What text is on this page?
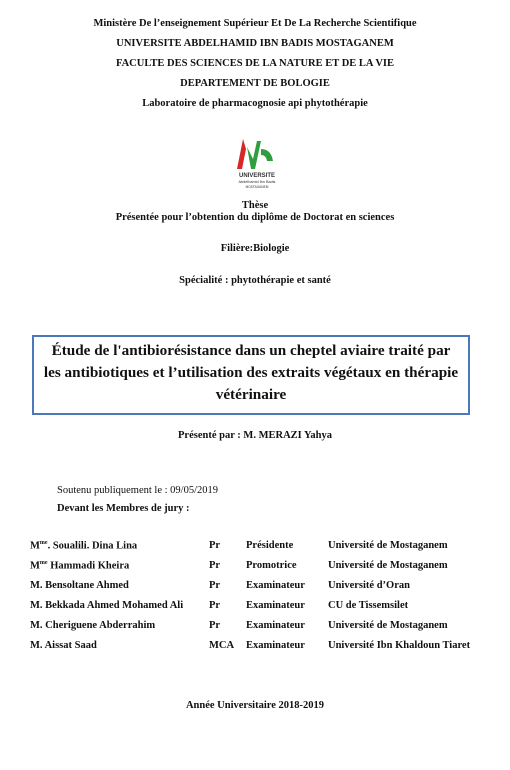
Ministère De l’enseignement Supérieur Et De La Recherche Scientifique
UNIVERSITE ABDELHAMID IBN BADIS MOSTAGANEM
FACULTE DES SCIENCES DE LA NATURE ET DE LA VIE
DEPARTEMENT DE BOLOGIE
Laboratoire de pharmacognosie api phytothérapie
UNIVERSITE
Abdelhamid Ibn Badis
MOSTAGANEM
Thèse
Présentée pour l’obtention du diplôme de Doctorat en sciences
Filière:Biologie
Spécialité : phytothérapie et santé
Étude de l'antibiorésistance dans un cheptel aviaire traité par
les antibiotiques et l’utilisation des extraits végétaux en thérapie
vétérinaire
Présenté par : M. MERAZI Yahya
Soutenu publiquement le : 09/05/2019
Devant les Membres de jury :
$M^{me}$. Soualili. Dina Lina	Pr Présidente	Université de Mostaganem
$M^{me}$ Hammadi Kheira	Pr Promotrice	Université de Mostaganem
M. Bensoltane Ahmed	Pr Examinateur Université d’Oran
M. Bekkada Ahmed Mohamed Ali Pr Examinateur CU de Tissemsilet
M. Cheriguene Abderrahim	Pr Examinateur Université de Mostaganem
M. Aissat Saad	MCA Examinateur Université Ibn Khaldoun Tiaret
Année Universitaire 2018-2019
